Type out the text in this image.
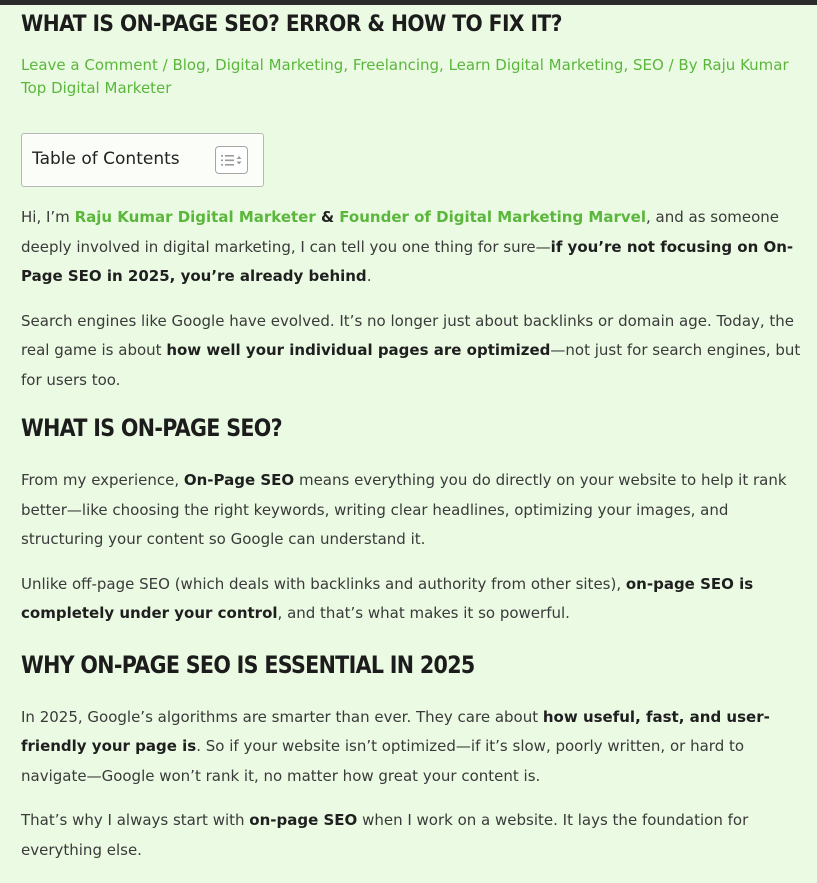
WHAT IS ON-PAGE SEO? ERROR & HOW TO FIX IT?
Leave a Comment / Blog, Digital Marketing, Freelancing, Learn Digital Marketing, SEO / By Raju Kumar Top Digital Marketer
Table of Contents

Hi, I’m Raju Kumar Digital Marketer & Founder of Digital Marketing Marvel, and as someone deeply involved in digital marketing, I can tell you one thing for sure—if you’re not focusing on On-Page SEO in 2025, you’re already behind.

Search engines like Google have evolved. It’s no longer just about backlinks or domain age. Today, the real game is about how well your individual pages are optimized—not just for search engines, but for users too.

WHAT IS ON-PAGE SEO?

From my experience, On-Page SEO means everything you do directly on your website to help it rank better—like choosing the right keywords, writing clear headlines, optimizing your images, and structuring your content so Google can understand it.

Unlike off-page SEO (which deals with backlinks and authority from other sites), on-page SEO is completely under your control, and that’s what makes it so powerful.

WHY ON-PAGE SEO IS ESSENTIAL IN 2025

In 2025, Google’s algorithms are smarter than ever. They care about how useful, fast, and user-friendly your page is. So if your website isn’t optimized—if it’s slow, poorly written, or hard to navigate—Google won’t rank it, no matter how great your content is.

That’s why I always start with on-page SEO when I work on a website. It lays the foundation for everything else.
